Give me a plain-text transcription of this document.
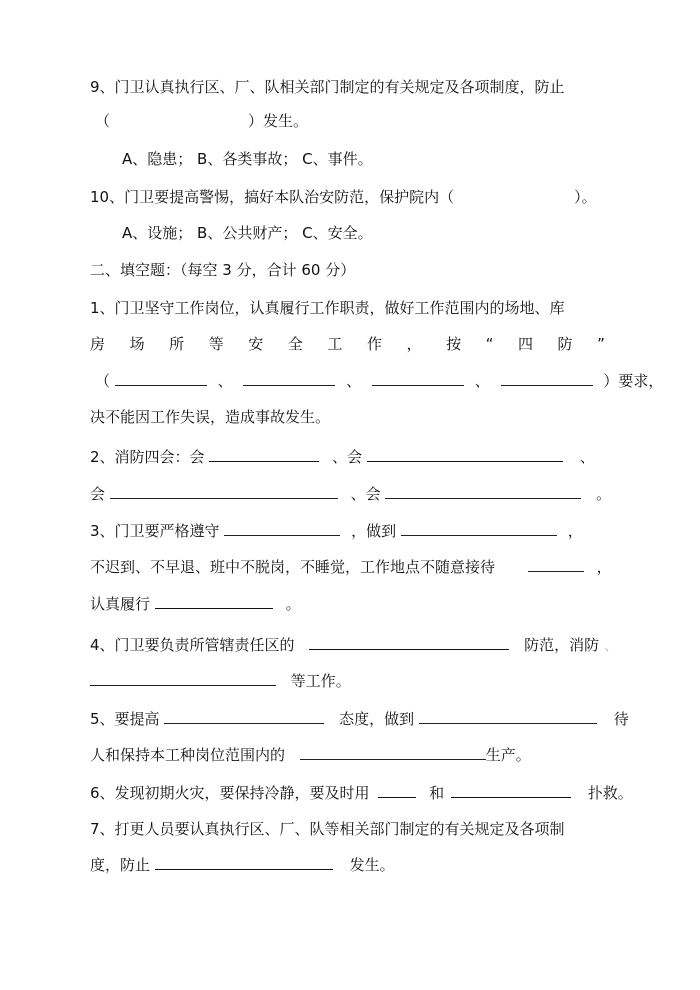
9、门卫认真执行区、厂、队相关部门制定的有关规定及各项制度，防止
（	）发生。
A、隐患； B、各类事故； C、事件。
10、门卫要提高警惕，搞好本队治安防范，保护院内（	）。
A、设施； B、公共财产； C、安全。
二、填空题：（每空 3 分，合计 60 分）
1、门卫坚守工作岗位，认真履行工作职责，做好工作范围内的场地、库
房 场 所 等 安 全 工 作 ， 按 “ 四 防 ”
（	、	、	、	）要求，
决不能因工作失误，造成事故发生。
2、消防四会：会	、会	、
会	、会	。
3、门卫要严格遵守	，做到	，
不迟到、不早退、班中不脱岗，不睡觉，工作地点不随意接待	，
认真履行	。
4、门卫要负责所管辖责任区的	防范，消防 、
等工作。
5、要提高	态度，做到	待
人和保持本工种岗位范围内的	生产。
6、发现初期火灾，要保持冷静，要及时用	和	扑救。
7、打更人员要认真执行区、厂、队等相关部门制定的有关规定及各项制
度，防止	发生。
